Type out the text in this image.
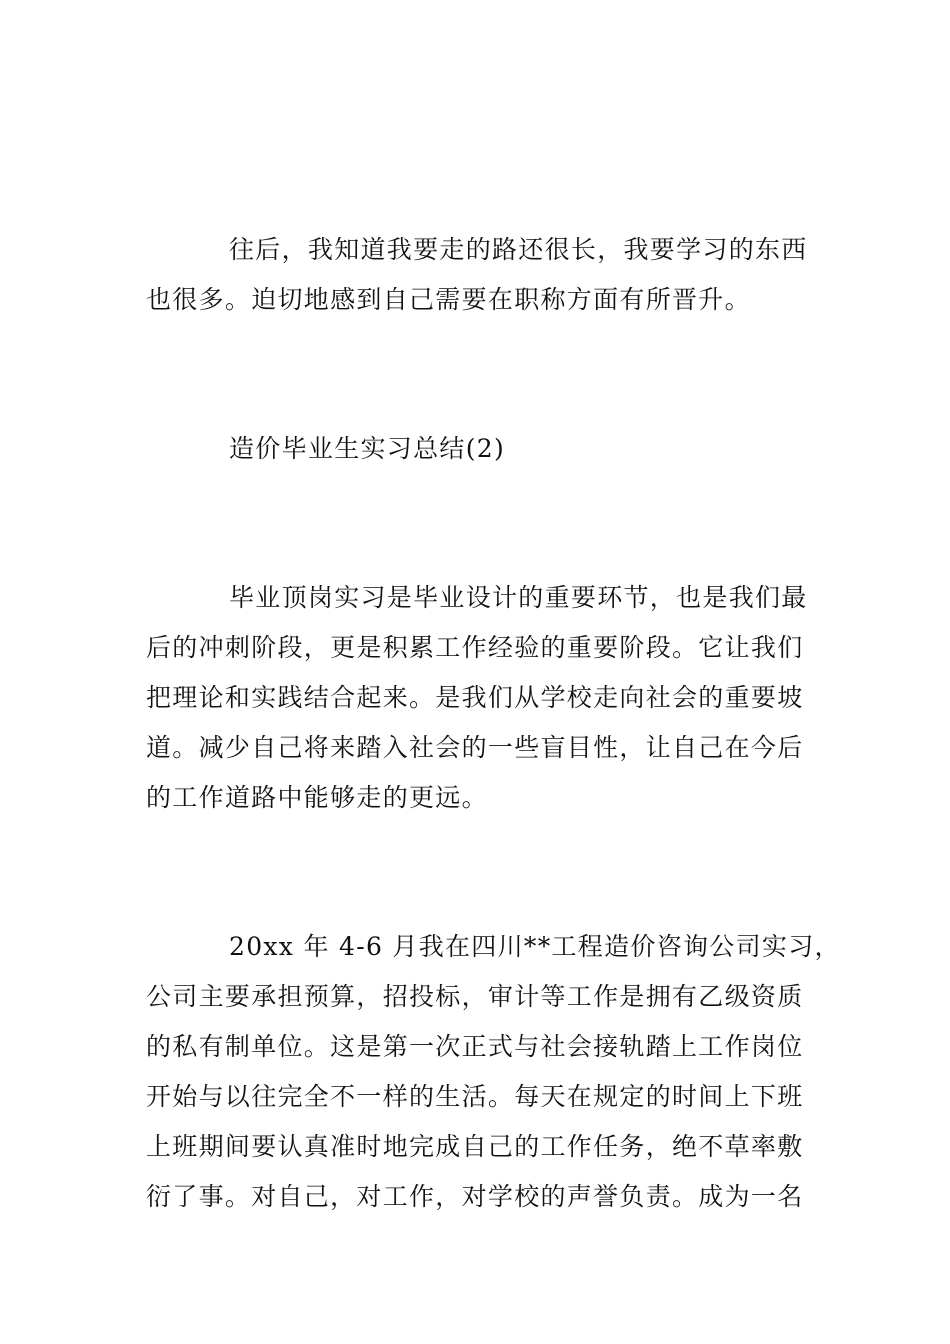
往后，我知道我要走的路还很长，我要学习的东西
也很多。迫切地感到自己需要在职称方面有所晋升。
造价毕业生实习总结(2)
毕业顶岗实习是毕业设计的重要环节，也是我们最
后的冲刺阶段，更是积累工作经验的重要阶段。它让我们
把理论和实践结合起来。是我们从学校走向社会的重要坡
道。减少自己将来踏入社会的一些盲目性，让自己在今后
的工作道路中能够走的更远。
20xx 年 4-6 月我在四川**工程造价咨询公司实习，
公司主要承担预算，招投标，审计等工作是拥有乙级资质
的私有制单位。这是第一次正式与社会接轨踏上工作岗位
开始与以往完全不一样的生活。每天在规定的时间上下班
上班期间要认真准时地完成自己的工作任务，绝不草率敷
衍了事。对自己，对工作，对学校的声誉负责。成为一名
